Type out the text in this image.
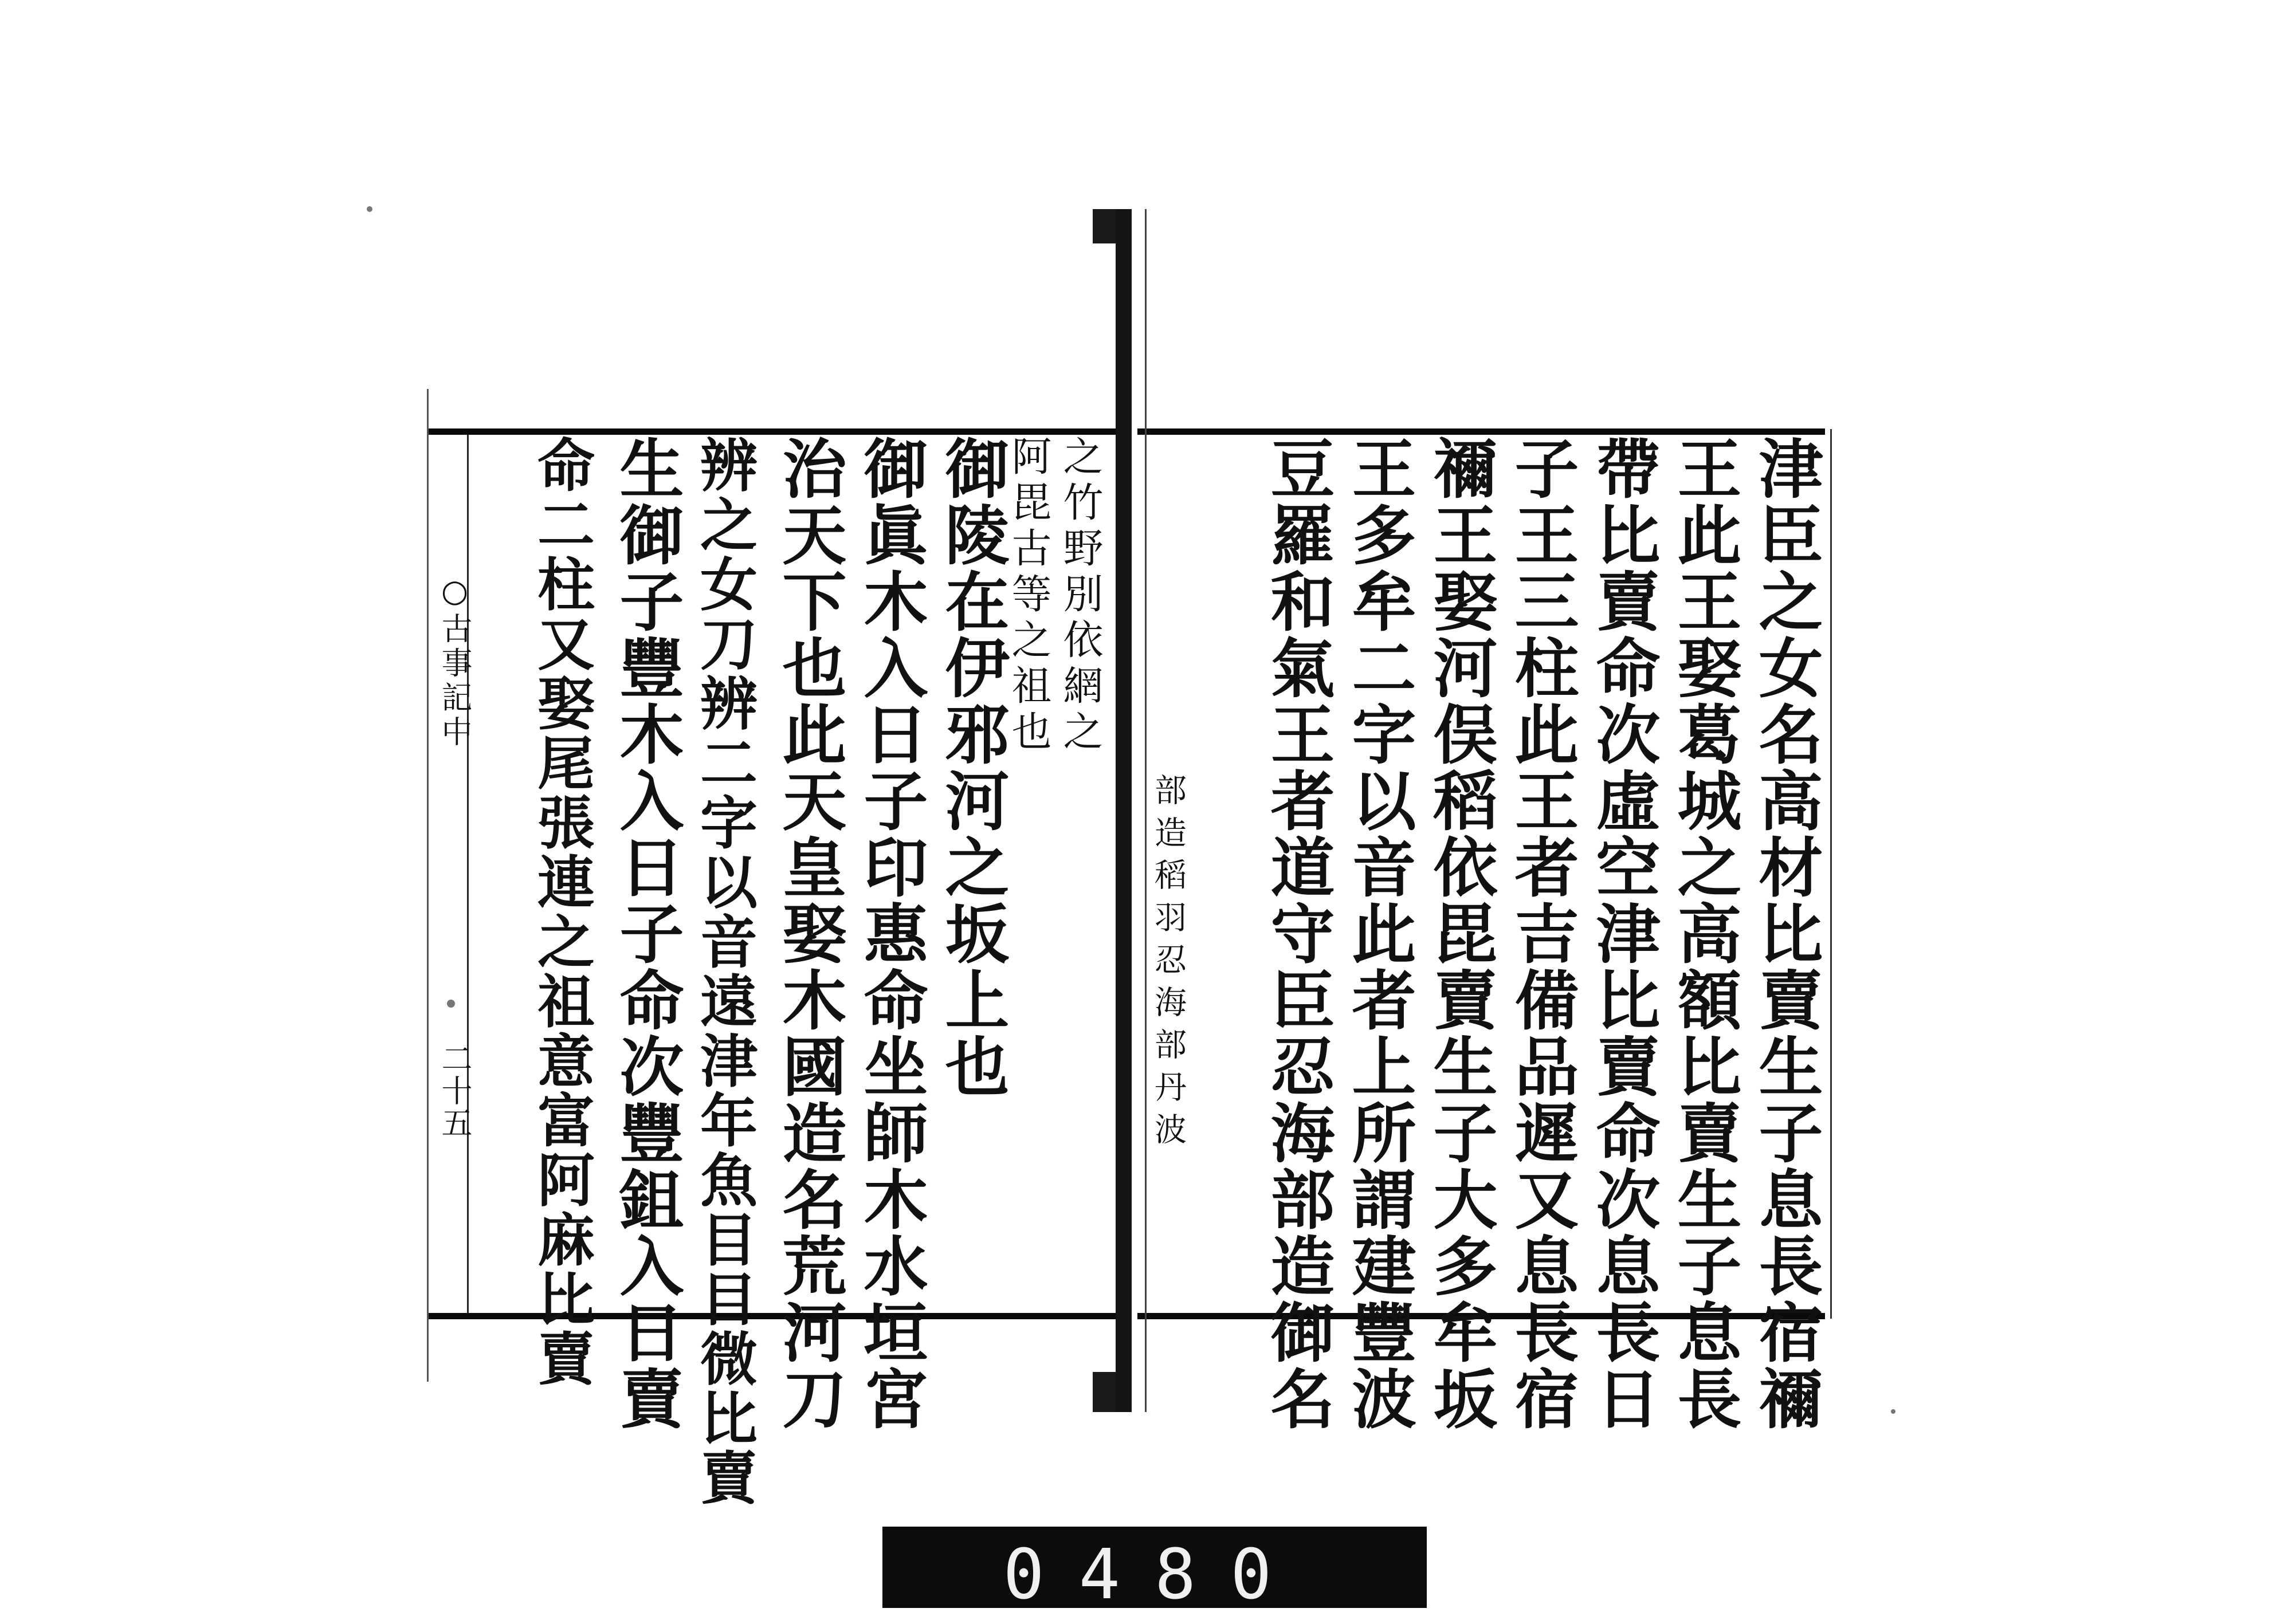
○古事記中
二十五	津臣之女名高材比賣生子息長宿禰
王此王娶葛城之高額比賣生子息長
帶比賣命次虛空津比賣命次息長日
子王三柱此王者吉備品遲又息長宿
禰王娶河俣稻依毘賣生子大多牟坂
王多牟二字以音此者上所謂建豐波
豆羅和氣王者道守臣忍海部造御名
部造稻羽忍海部丹波
之竹野別依網之
阿毘古等之祖也
御陵在伊邪河之坂上也
御眞木入日子印惠命坐師木水垣宮
治天下也此天皇娶木國造名荒河刀
辨之女刀辨二字以音遠津年魚目目微比賣
生御子豐木入日子命次豐鉏入日賣
命二柱又娶尾張連之祖意富阿麻比賣
0480
